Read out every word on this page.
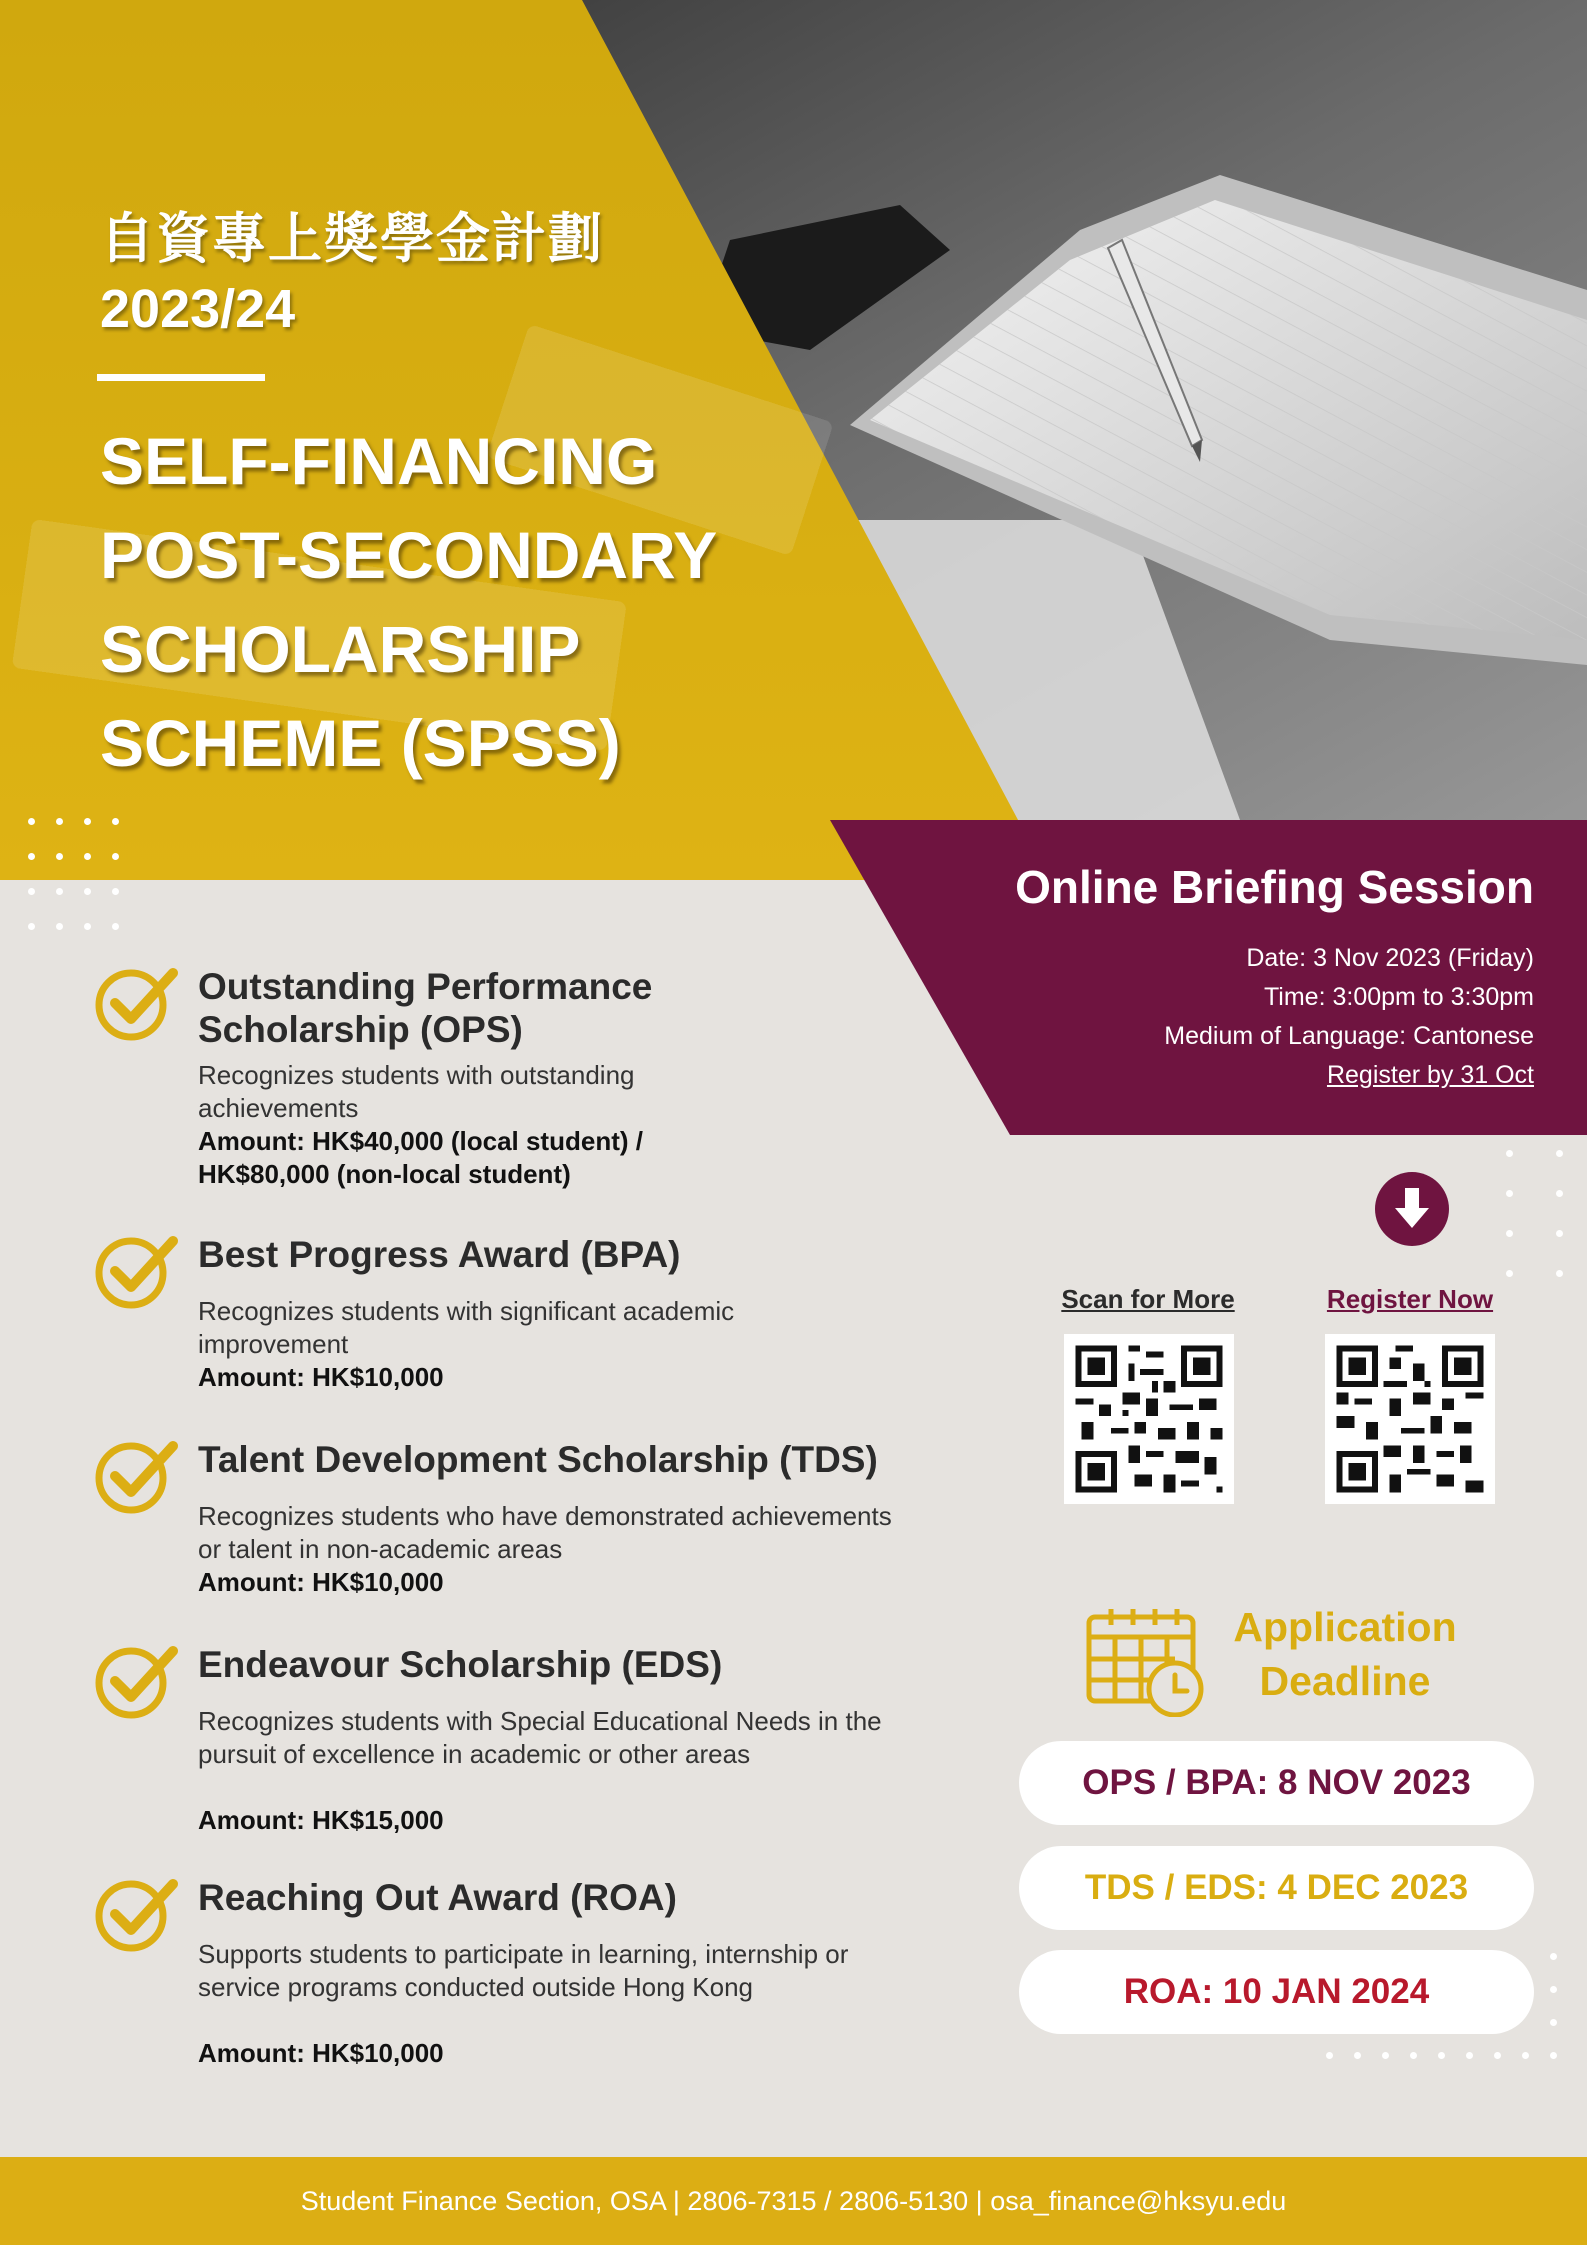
自資專上獎學金計劃
2023/24
SELF-FINANCING
POST-SECONDARY
SCHOLARSHIP
SCHEME (SPSS)
Online Briefing Session
Date: 3 Nov 2023 (Friday)
Time: 3:00pm to 3:30pm
Medium of Language: Cantonese
Register by 31 Oct
Outstanding Performance Scholarship (OPS)
Recognizes students with outstanding achievements
Amount: HK$40,000 (local student) / HK$80,000 (non-local student)
Best Progress Award (BPA)
Recognizes students with significant academic improvement
Amount: HK$10,000
Talent Development Scholarship (TDS)
Recognizes students who have demonstrated achievements or talent in non-academic areas
Amount: HK$10,000
Endeavour Scholarship (EDS)
Recognizes students with Special Educational Needs in the pursuit of excellence in academic or other areas
Amount: HK$15,000
Reaching Out Award (ROA)
Supports students to participate in learning, internship or service programs conducted outside Hong Kong
Amount: HK$10,000
Scan for More	Register Now
Application
Deadline
OPS / BPA: 8 NOV 2023
TDS / EDS: 4 DEC 2023
ROA: 10 JAN 2024
Student Finance Section, OSA | 2806-7315 / 2806-5130 | osa_finance@hksyu.edu
